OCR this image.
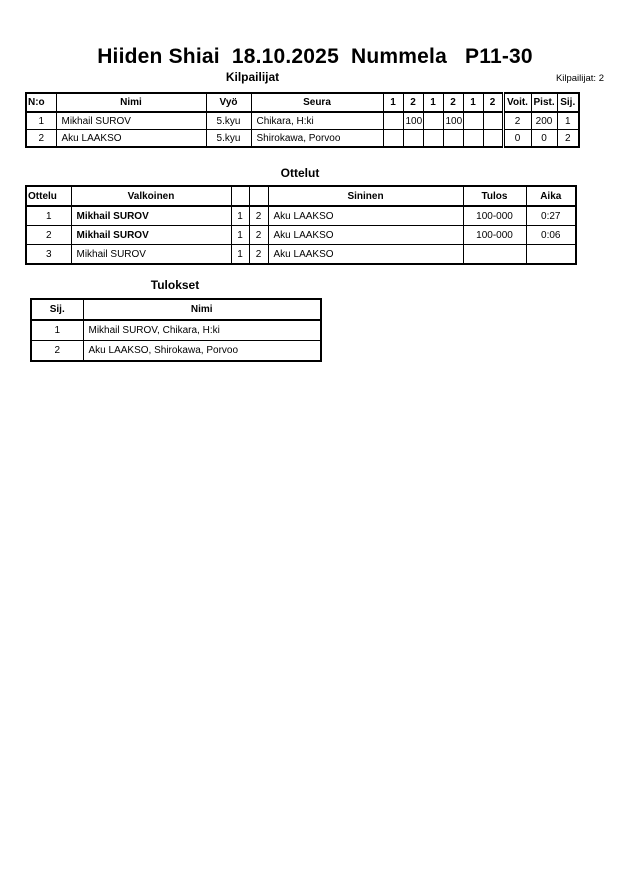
Hiiden Shiai  18.10.2025  Nummela   P11-30
Kilpailijat	Kilpailijat: 2
N:o	Nimi	Vyö	Seura	1	2	1	2	1	2	Voit.	Pist.	Sij.
1	Mikhail SUROV	5.kyu	Chikara, H:ki		100		100			2	200	1
2	Aku LAAKSO	5.kyu	Shirokawa, Porvoo							0	0	2
Ottelut
Ottelu	Valkoinen			Sininen	Tulos	Aika
1	Mikhail SUROV	1	2	Aku LAAKSO	100-000	0:27
2	Mikhail SUROV	1	2	Aku LAAKSO	100-000	0:06
3	Mikhail SUROV	1	2	Aku LAAKSO		
Tulokset
Sij.	Nimi
1	Mikhail SUROV, Chikara, H:ki
2	Aku LAAKSO, Shirokawa, Porvoo
